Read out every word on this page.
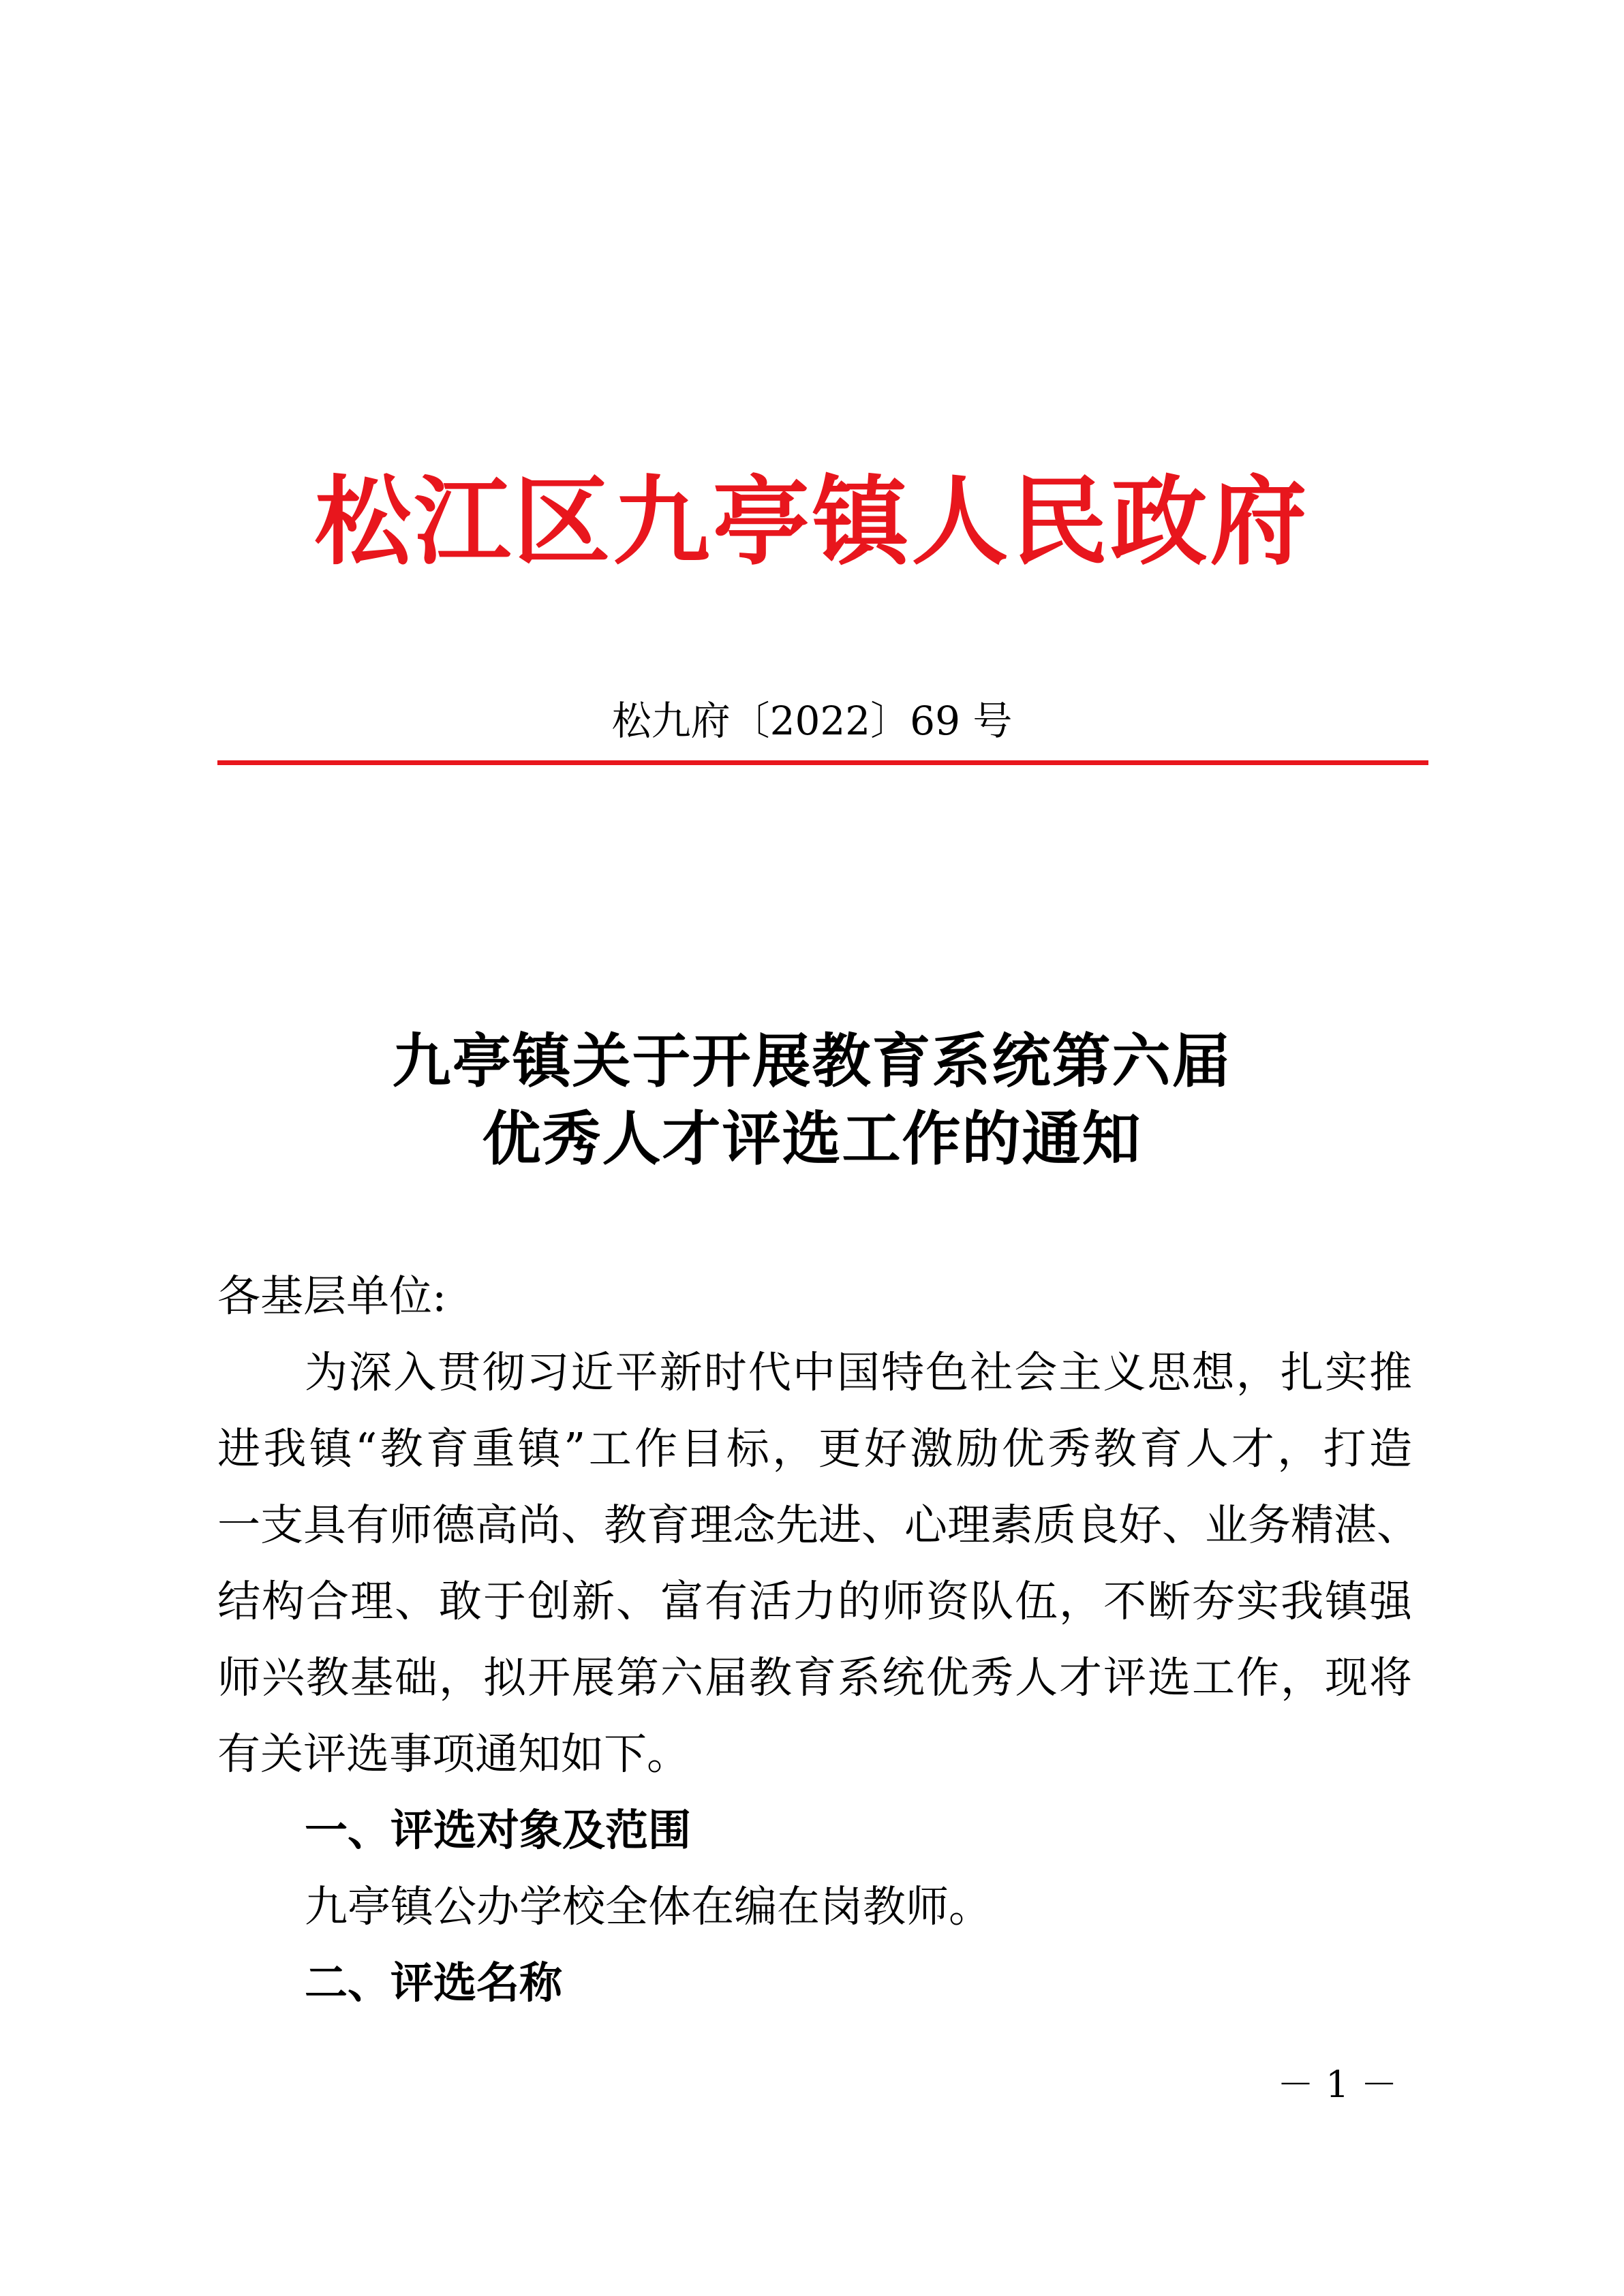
松江区九亭镇人民政府
松九府〔2022〕69 号
九亭镇关于开展教育系统第六届
优秀人才评选工作的通知
各基层单位:
为深入贯彻习近平新时代中国特色社会主义思想，扎实推
进我镇“教育重镇”工作目标，更好激励优秀教育人才，打造
一支具有师德高尚、教育理念先进、心理素质良好、业务精湛、
结构合理、敢于创新、富有活力的师资队伍，不断夯实我镇强
师兴教基础，拟开展第六届教育系统优秀人才评选工作，现将
有关评选事项通知如下。
一、评选对象及范围
九亭镇公办学校全体在编在岗教师。
二、评选名称
－ 1 －
